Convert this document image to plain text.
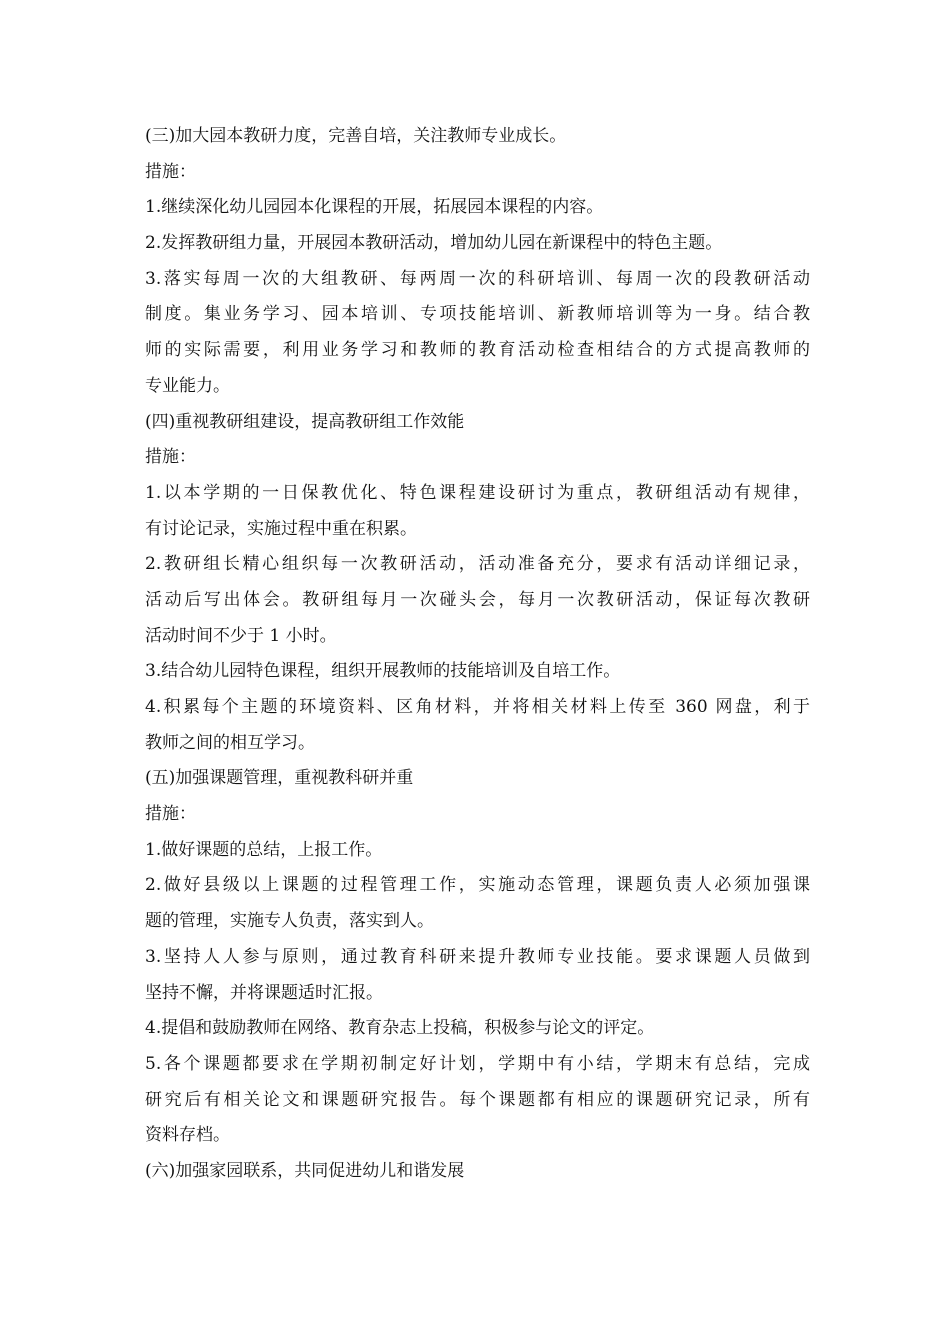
(三)加大园本教研力度，完善自培，关注教师专业成长。
措施：
1.继续深化幼儿园园本化课程的开展，拓展园本课程的内容。
2.发挥教研组力量，开展园本教研活动，增加幼儿园在新课程中的特色主题。
3.落实每周一次的大组教研、每两周一次的科研培训、每周一次的段教研活动
制度。集业务学习、园本培训、专项技能培训、新教师培训等为一身。结合教
师的实际需要，利用业务学习和教师的教育活动检查相结合的方式提高教师的
专业能力。
(四)重视教研组建设，提高教研组工作效能
措施：
1.以本学期的一日保教优化、特色课程建设研讨为重点，教研组活动有规律，
有讨论记录，实施过程中重在积累。
2.教研组长精心组织每一次教研活动，活动准备充分，要求有活动详细记录，
活动后写出体会。教研组每月一次碰头会，每月一次教研活动，保证每次教研
活动时间不少于 1 小时。
3.结合幼儿园特色课程，组织开展教师的技能培训及自培工作。
4.积累每个主题的环境资料、区角材料，并将相关材料上传至 360 网盘，利于
教师之间的相互学习。
(五)加强课题管理，重视教科研并重
措施：
1.做好课题的总结，上报工作。
2.做好县级以上课题的过程管理工作，实施动态管理，课题负责人必须加强课
题的管理，实施专人负责，落实到人。
3.坚持人人参与原则，通过教育科研来提升教师专业技能。要求课题人员做到
坚持不懈，并将课题适时汇报。
4.提倡和鼓励教师在网络、教育杂志上投稿，积极参与论文的评定。
5.各个课题都要求在学期初制定好计划，学期中有小结，学期末有总结，完成
研究后有相关论文和课题研究报告。每个课题都有相应的课题研究记录，所有
资料存档。
(六)加强家园联系，共同促进幼儿和谐发展
